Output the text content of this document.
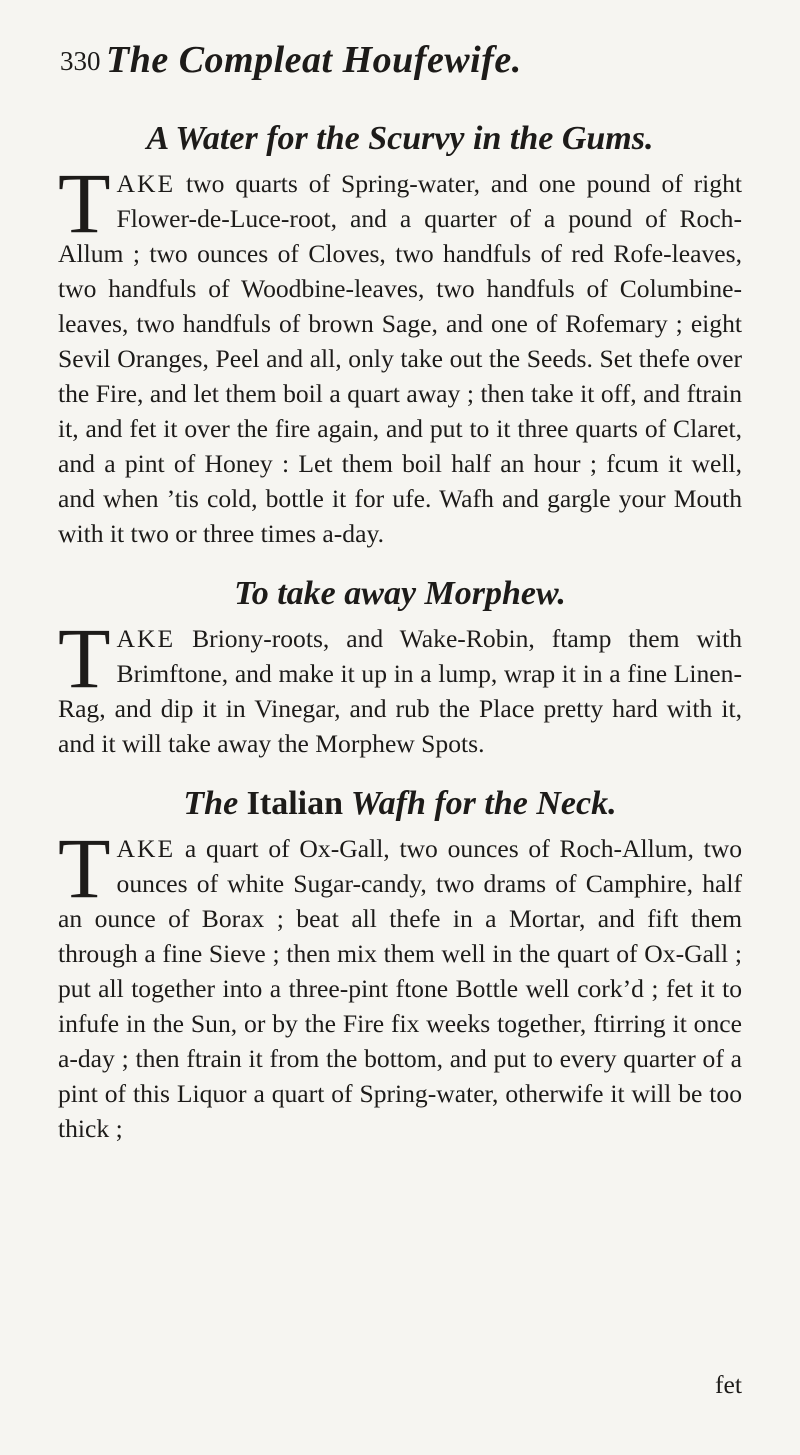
330 The Compleat Houfewife.
A Water for the Scurvy in the Gums.

TAKE two quarts of Spring-water, and one pound of right Flower-de-Luce-root, and a quarter of a pound of Roch-Allum ; two ounces of Cloves, two handfuls of red Rofe-leaves, two handfuls of Woodbine-leaves, two handfuls of Columbine-leaves, two handfuls of brown Sage, and one of Rofemary ; eight Sevil Oranges, Peel and all, only take out the Seeds. Set thefe over the Fire, and let them boil a quart away ; then take it off, and ftrain it, and fet it over the fire again, and put to it three quarts of Claret, and a pint of Honey : Let them boil half an hour ; fcum it well, and when ’tis cold, bottle it for ufe. Wafh and gargle your Mouth with it two or three times a-day.

To take away Morphew.

TAKE Briony-roots, and Wake-Robin, ftamp them with Brimftone, and make it up in a lump, wrap it in a fine Linen-Rag, and dip it in Vinegar, and rub the Place pretty hard with it, and it will take away the Morphew Spots.

The Italian Wafh for the Neck.

TAKE a quart of Ox-Gall, two ounces of Roch-Allum, two ounces of white Sugar-candy, two drams of Camphire, half an ounce of Borax ; beat all thefe in a Mortar, and fift them through a fine Sieve ; then mix them well in the quart of Ox-Gall ; put all together into a three-pint ftone Bottle well cork’d ; fet it to infufe in the Sun, or by the Fire fix weeks together, ftirring it once a-day ; then ftrain it from the bottom, and put to every quarter of a pint of this Liquor a quart of Spring-water, otherwife it will be too thick ;

fet
